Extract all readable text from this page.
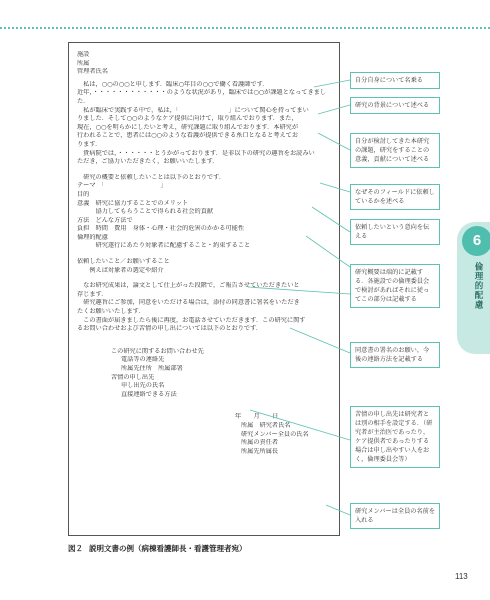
施設
所属
管理者氏名
　私は，○○の○○と申します．臨床○年目の○○で働く看護師です．
近年，・・・・・・・・・・・・のような状況があり，臨床では○○が課題となってきまし
た．
　私が臨床で実践する中で，私は，「　　　　　　　　」について関心を持ってまい
りました．そして○○のようなケア提供に向けて，取り組んでおります．また，
現在，○○を明らかにしたいと考え，研究課題に取り組んでおります．本研究が
行われることで，患者には○○のような看護が提供できる糸口となると考えてお
ります．
　貴病院では，・・・・・・とうかがっております．是非以下の研究の趣旨をお読みい
ただき，ご協力いただきたく，お願いいたします．
　研究の概要と依頼したいことは以下のとおりです．
テーマ　「　　　　　　　　　」
目的
意義　研究に協力することでのメリット
　　　協力してもらうことで得られる社会的貢献
方法　どんな方法で
負担　時間　費用　身体・心理・社会的危害のかかる可能性
倫理的配慮
　　　研究遂行にあたり対象者に配慮すること・約束すること
依頼したいこと／お願いすること
　　例えば対象者の選定や紹介
　なお研究成果は，論文として仕上がった段階で，ご報告させていただきたいと
存じます．
　研究趣旨にご参加，同意をいただける場合は，添付の同意書に署名をいただき
たくお願いいたします．
　この書面が届きましたら後に再度，お電話させていただきます．この研究に関す
るお問い合わせおよび苦情の申し出については以下のとおりです．
この研究に関するお問い合わせ先
電話等の連絡先
所属先住所　所属部署
苦情の申し出先
申し出先の氏名
直接連絡できる方法
年　　月　　日
所属　研究者氏名
研究メンバー全員の氏名
所属の責任者
所属先所属長
自分自身について名乗る
研究の背景について述べる
自分が検討してきた本研究の課題，研究をすることの意義，貢献について述べる
なぜそのフィールドに依頼しているかを述べる
依頼したいという意向を伝える
研究概要は端的に記載する．各施設での倫理委員会で検討があればそれに従ってこの部分は記載する
同意書の署名のお願い，今後の連絡方法を記載する
苦情の申し出先は研究者とは別の相手を設定する．（研究者が主治医であったり，ケア提供者であったりする場合は申し出やすい人をおく，倫理委員会等）
研究メンバーは全員の名前を入れる
6
倫理的配慮
図２ 説明文書の例（病棟看護師長・看護管理者宛）
113
